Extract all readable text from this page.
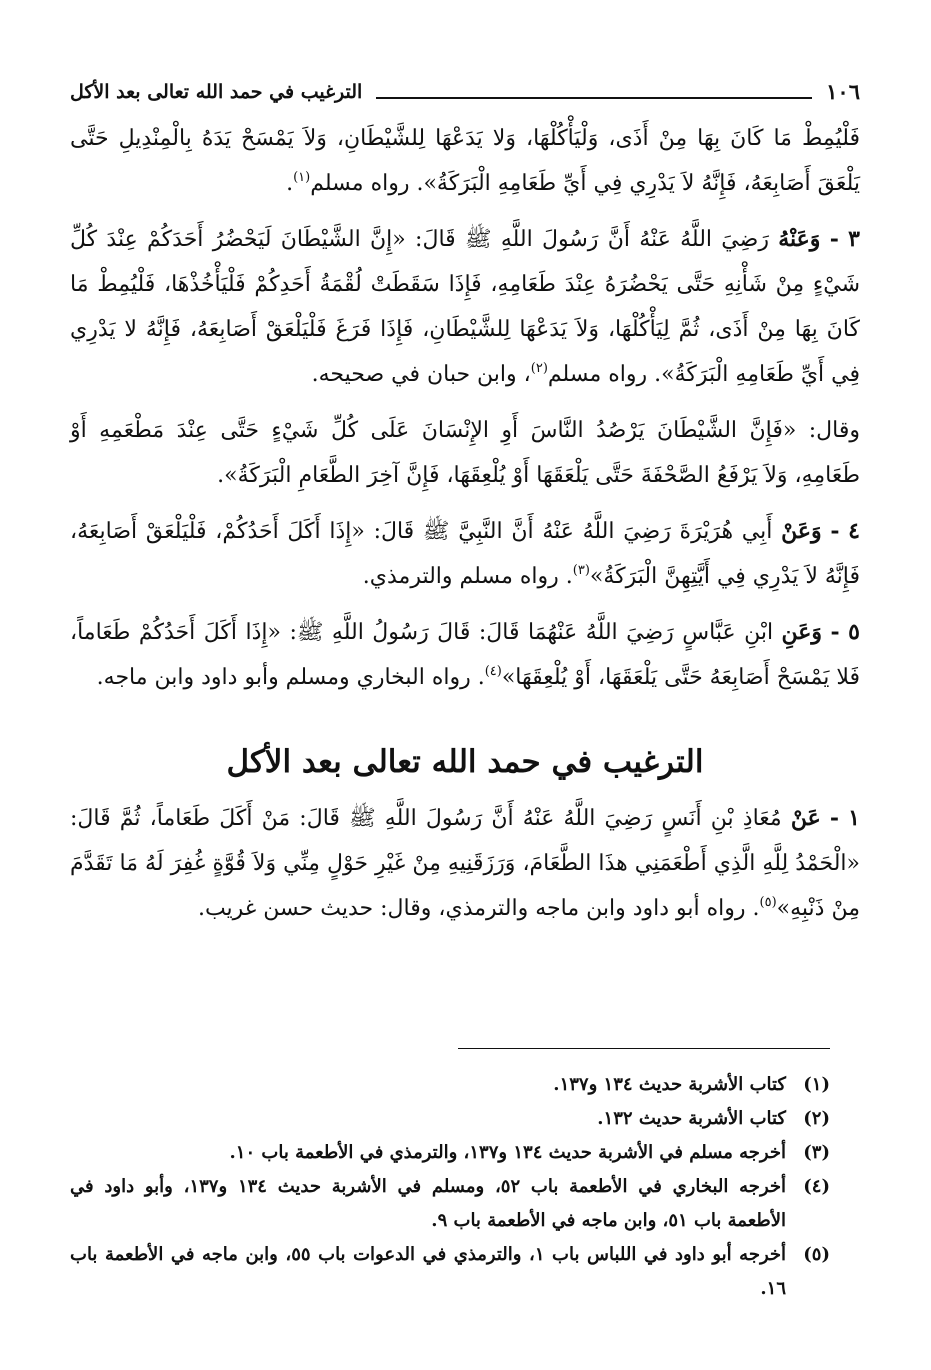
١٠٦
الترغيب في حمد الله تعالى بعد الأكل

فَلْيُمِطْ مَا كَانَ بِهَا مِنْ أَذَى، وَلْيَأْكُلْهَا، وَلا يَدَعْهَا لِلشَّيْطَانِ، وَلاَ يَمْسَحْ يَدَهُ بِالْمِنْدِيلِ حَتَّى يَلْعَقَ أَصَابِعَهُ، فَإِنَّهُ لاَ يَدْرِي فِي أَيِّ طَعَامِهِ الْبَرَكَةُ». رواه مسلم$^{(١)}$.

٣ - وَعَنْهُ رَضِيَ اللَّهُ عَنْهُ أَنَّ رَسُولَ اللَّهِ ﷺ قَالَ: «إِنَّ الشَّيْطَانَ لَيَحْضُرُ أَحَدَكُمْ عِنْدَ كُلِّ شَيْءٍ مِنْ شَأْنِهِ حَتَّى يَحْضُرَهُ عِنْدَ طَعَامِهِ، فَإِذَا سَقَطَتْ لُقْمَةُ أَحَدِكُمْ فَلْيَأْخُذْهَا، فَلْيُمِطْ مَا كَانَ بِهَا مِنْ أَذَى، ثُمَّ لِيَأْكُلْهَا، وَلاَ يَدَعْهَا لِلشَّيْطَانِ، فَإِذَا فَرَغَ فَلْيَلْعَقْ أَصَابِعَهُ، فَإِنَّهُ لا يَدْرِي فِي أَيِّ طَعَامِهِ الْبَرَكَةُ». رواه مسلم$^{(٢)}$، وابن حبان في صحيحه.

وقال: «فَإِنَّ الشَّيْطَانَ يَرْصُدُ النَّاسَ أَوِ الإِنْسَانَ عَلَى كُلِّ شَيْءٍ حَتَّى عِنْدَ مَطْعَمِهِ أَوْ طَعَامِهِ، وَلاَ يَرْفَعُ الصَّحْفَةَ حَتَّى يَلْعَقَهَا أَوْ يُلْعِقَهَا، فَإِنَّ آخِرَ الطَّعَامِ الْبَرَكَةُ».

٤ - وَعَنْ أَبِي هُرَيْرَةَ رَضِيَ اللَّهُ عَنْهُ أَنَّ النَّبِيَّ ﷺ قَالَ: «إِذَا أَكَلَ أَحَدُكُمْ، فَلْيَلْعَقْ أَصَابِعَهُ، فَإِنَّهُ لاَ يَدْرِي فِي أَيَّتِهِنَّ الْبَرَكَةُ»$^{(٣)}$. رواه مسلم والترمذي.

٥ - وَعَنِ ابْنِ عَبَّاسٍ رَضِيَ اللَّهُ عَنْهُمَا قَالَ: قَالَ رَسُولُ اللَّهِ ﷺ: «إِذَا أَكَلَ أَحَدُكُمْ طَعَاماً، فَلا يَمْسَحْ أَصَابِعَهُ حَتَّى يَلْعَقَهَا، أَوْ يُلْعِقَهَا»$^{(٤)}$. رواه البخاري ومسلم وأبو داود وابن ماجه.

الترغيب في حمد الله تعالى بعد الأكل

١ - عَنْ مُعَاذِ بْنِ أَنَسٍ رَضِيَ اللَّهُ عَنْهُ أَنَّ رَسُولَ اللَّهِ ﷺ قَالَ: مَنْ أَكَلَ طَعَاماً، ثُمَّ قَالَ: «الْحَمْدُ لِلَّهِ الَّذِي أَطْعَمَنِي هذَا الطَّعَامَ، وَرَزَقَنِيهِ مِنْ غَيْرِ حَوْلٍ مِنِّي وَلاَ قُوَّةٍ غُفِرَ لَهُ مَا تَقَدَّمَ مِنْ ذَنْبِهِ»$^{(٥)}$. رواه أبو داود وابن ماجه والترمذي، وقال: حديث حسن غريب.

(١)
كتاب الأشربة حديث ١٣٤ و١٣٧.
(٢)
كتاب الأشربة حديث ١٣٢.
(٣)
أخرجه مسلم في الأشربة حديث ١٣٤ و١٣٧، والترمذي في الأطعمة باب ١٠.
(٤)
أخرجه البخاري في الأطعمة باب ٥٢، ومسلم في الأشربة حديث ١٣٤ و١٣٧، وأبو داود في الأطعمة باب ٥١، وابن ماجه في الأطعمة باب ٩.
(٥)
أخرجه أبو داود في اللباس باب ١، والترمذي في الدعوات باب ٥٥، وابن ماجه في الأطعمة باب ١٦.
